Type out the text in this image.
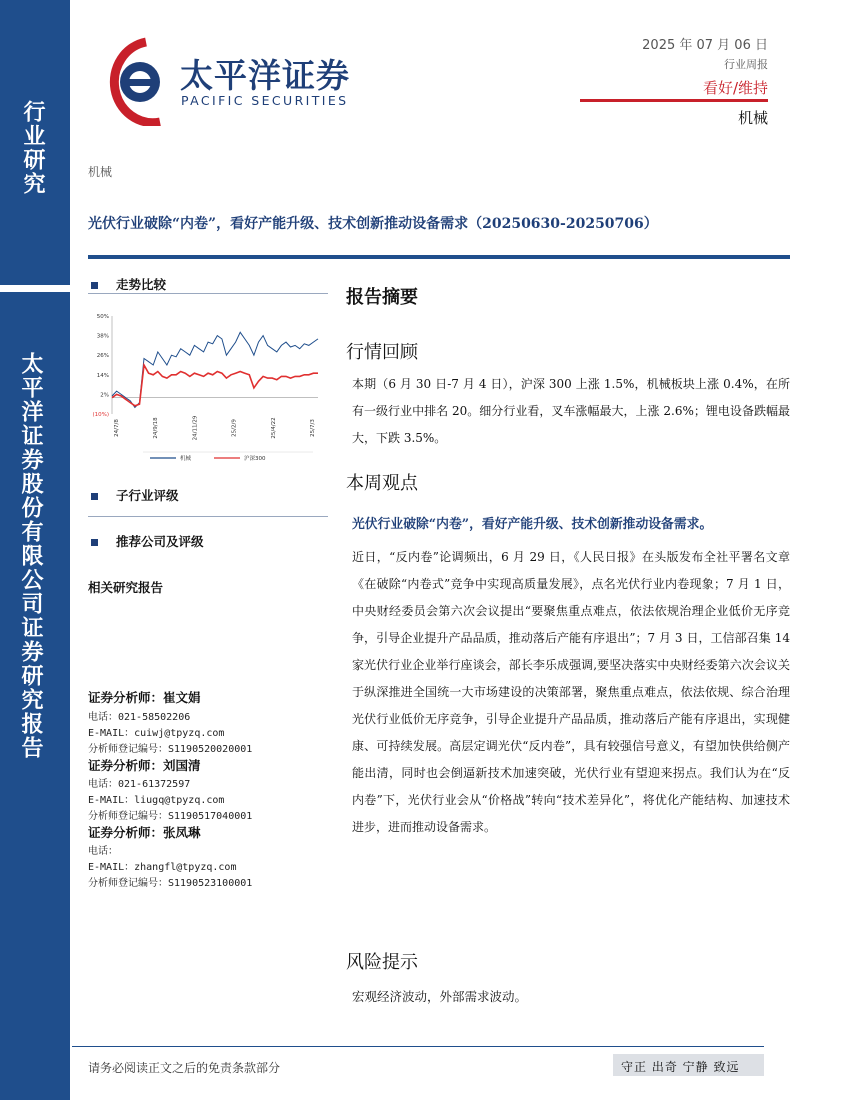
行业研究
太平洋证券股份有限公司证券研究报告
太平洋证券
PACIFIC SECURITIES
2025 年 07 月 06 日
行业周报
看好/维持
机械
机械
光伏行业破除“内卷”，看好产能升级、技术创新推动设备需求（20250630-20250706）
走势比较
50%
38%
26%
14%
2%
(10%)
24/7/8	24/9/18	24/11/29	25/2/9	25/4/22	25/7/3
机械	沪深300
子行业评级
推荐公司及评级
相关研究报告
证券分析师：崔文娟
电话：021-58502206
E-MAIL：cuiwj@tpyzq.com
分析师登记编号：S1190520020001
证券分析师：刘国清
电话：021-61372597
E-MAIL：liugq@tpyzq.com
分析师登记编号：S1190517040001
证券分析师：张凤琳
电话：
E-MAIL：zhangfl@tpyzq.com
分析师登记编号：S1190523100001
报告摘要
行情回顾
本期（6 月 30 日-7 月 4 日），沪深 300 上涨 1.5%，机械板块上涨 0.4%，在所有一级行业中排名 20。细分行业看，叉车涨幅最大，上涨 2.6%；锂电设备跌幅最大，下跌 3.5%。
本周观点
光伏行业破除“内卷”，看好产能升级、技术创新推动设备需求。
近日，“反内卷”论调频出，6 月 29 日，《人民日报》在头版发布全社平署名文章《在破除“内卷式”竞争中实现高质量发展》，点名光伏行业内卷现象；7 月 1 日， 中央财经委员会第六次会议提出“要聚焦重点难点，依法依规治理企业低价无序竞争，引导企业提升产品品质，推动落后产能有序退出”；7 月 3 日，工信部召集 14 家光伏行业企业举行座谈会，部长李乐成强调,要坚决落实中央财经委第六次会议关于纵深推进全国统一大市场建设的决策部署，聚焦重点难点，依法依规、综合治理光伏行业低价无序竞争，引导企业提升产品品质，推动落后产能有序退出，实现健康、可持续发展。高层定调光伏“反内卷”，具有较强信号意义，有望加快供给侧产能出清，同时也会倒逼新技术加速突破，光伏行业有望迎来拐点。我们认为在“反内卷”下，光伏行业会从“价格战”转向“技术差异化”，将优化产能结构、加速技术进步，进而推动设备需求。
风险提示
宏观经济波动，外部需求波动。
请务必阅读正文之后的免责条款部分	守正 出奇 宁静 致远
